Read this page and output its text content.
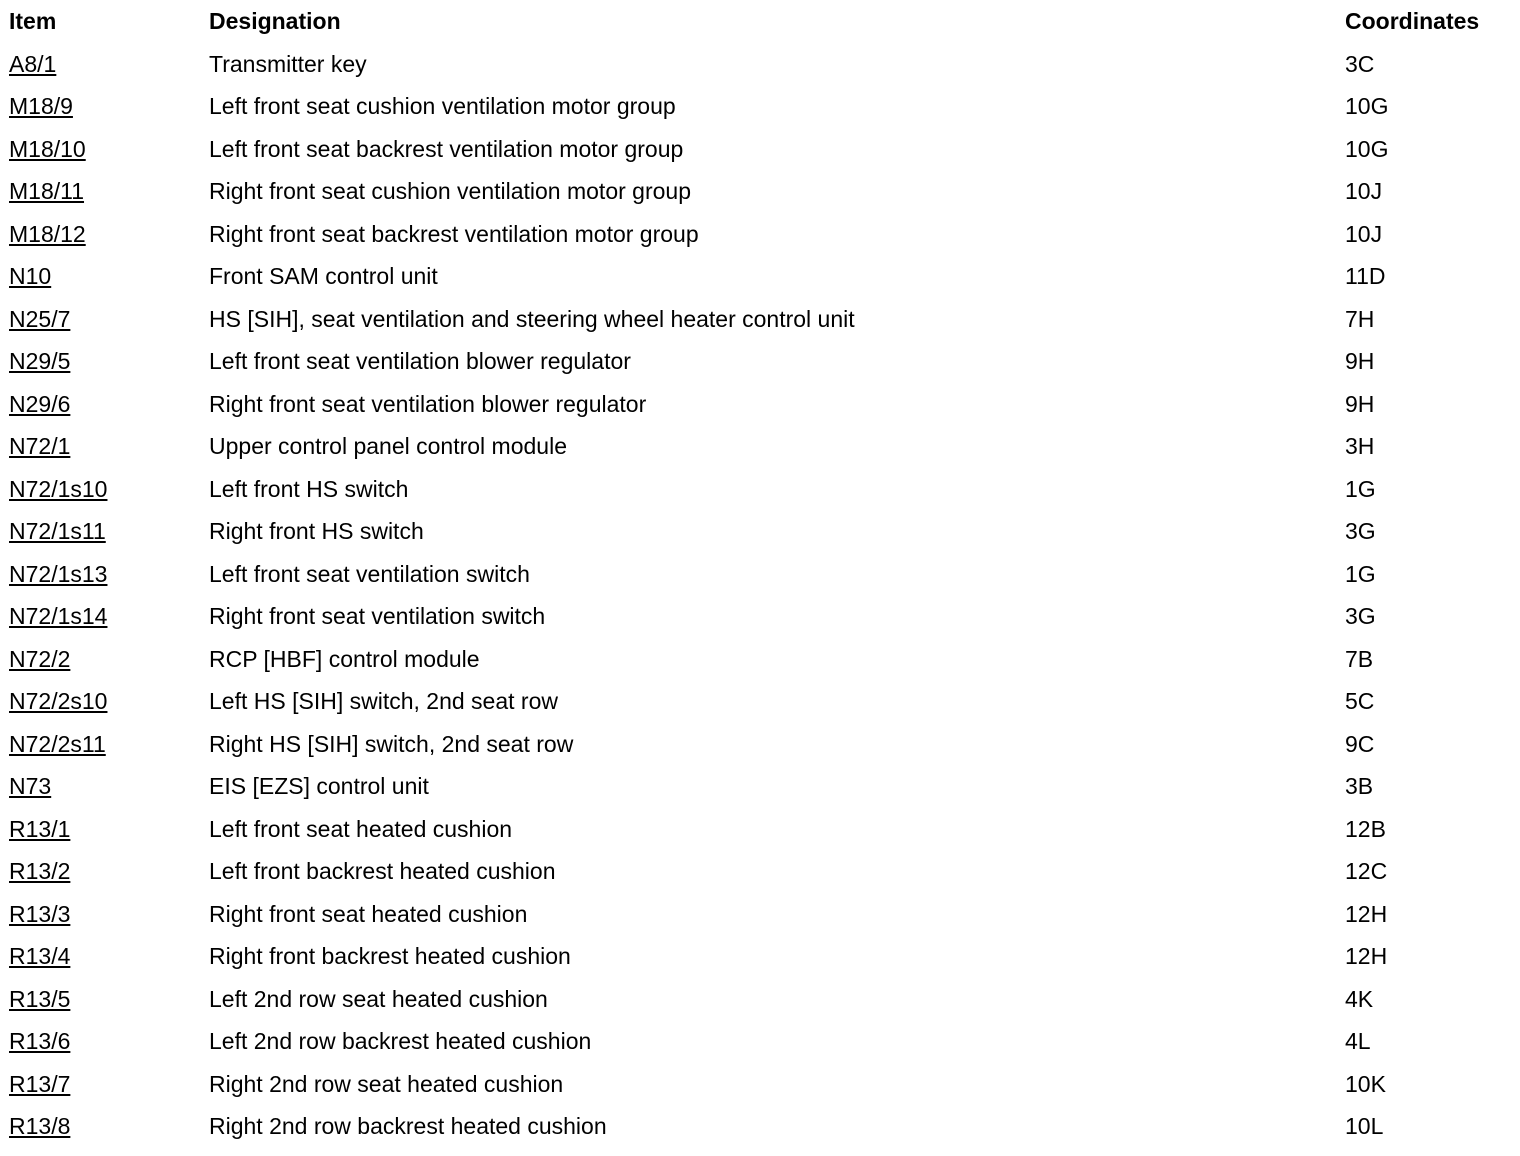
Item	Designation	Coordinates
A8/1	Transmitter key	3C
M18/9	Left front seat cushion ventilation motor group	10G
M18/10	Left front seat backrest ventilation motor group	10G
M18/11	Right front seat cushion ventilation motor group	10J
M18/12	Right front seat backrest ventilation motor group	10J
N10	Front SAM control unit	11D
N25/7	HS [SIH], seat ventilation and steering wheel heater control unit	7H
N29/5	Left front seat ventilation blower regulator	9H
N29/6	Right front seat ventilation blower regulator	9H
N72/1	Upper control panel control module	3H
N72/1s10	Left front HS switch	1G
N72/1s11	Right front HS switch	3G
N72/1s13	Left front seat ventilation switch	1G
N72/1s14	Right front seat ventilation switch	3G
N72/2	RCP [HBF] control module	7B
N72/2s10	Left HS [SIH] switch, 2nd seat row	5C
N72/2s11	Right HS [SIH] switch, 2nd seat row	9C
N73	EIS [EZS] control unit	3B
R13/1	Left front seat heated cushion	12B
R13/2	Left front backrest heated cushion	12C
R13/3	Right front seat heated cushion	12H
R13/4	Right front backrest heated cushion	12H
R13/5	Left 2nd row seat heated cushion	4K
R13/6	Left 2nd row backrest heated cushion	4L
R13/7	Right 2nd row seat heated cushion	10K
R13/8	Right 2nd row backrest heated cushion	10L
